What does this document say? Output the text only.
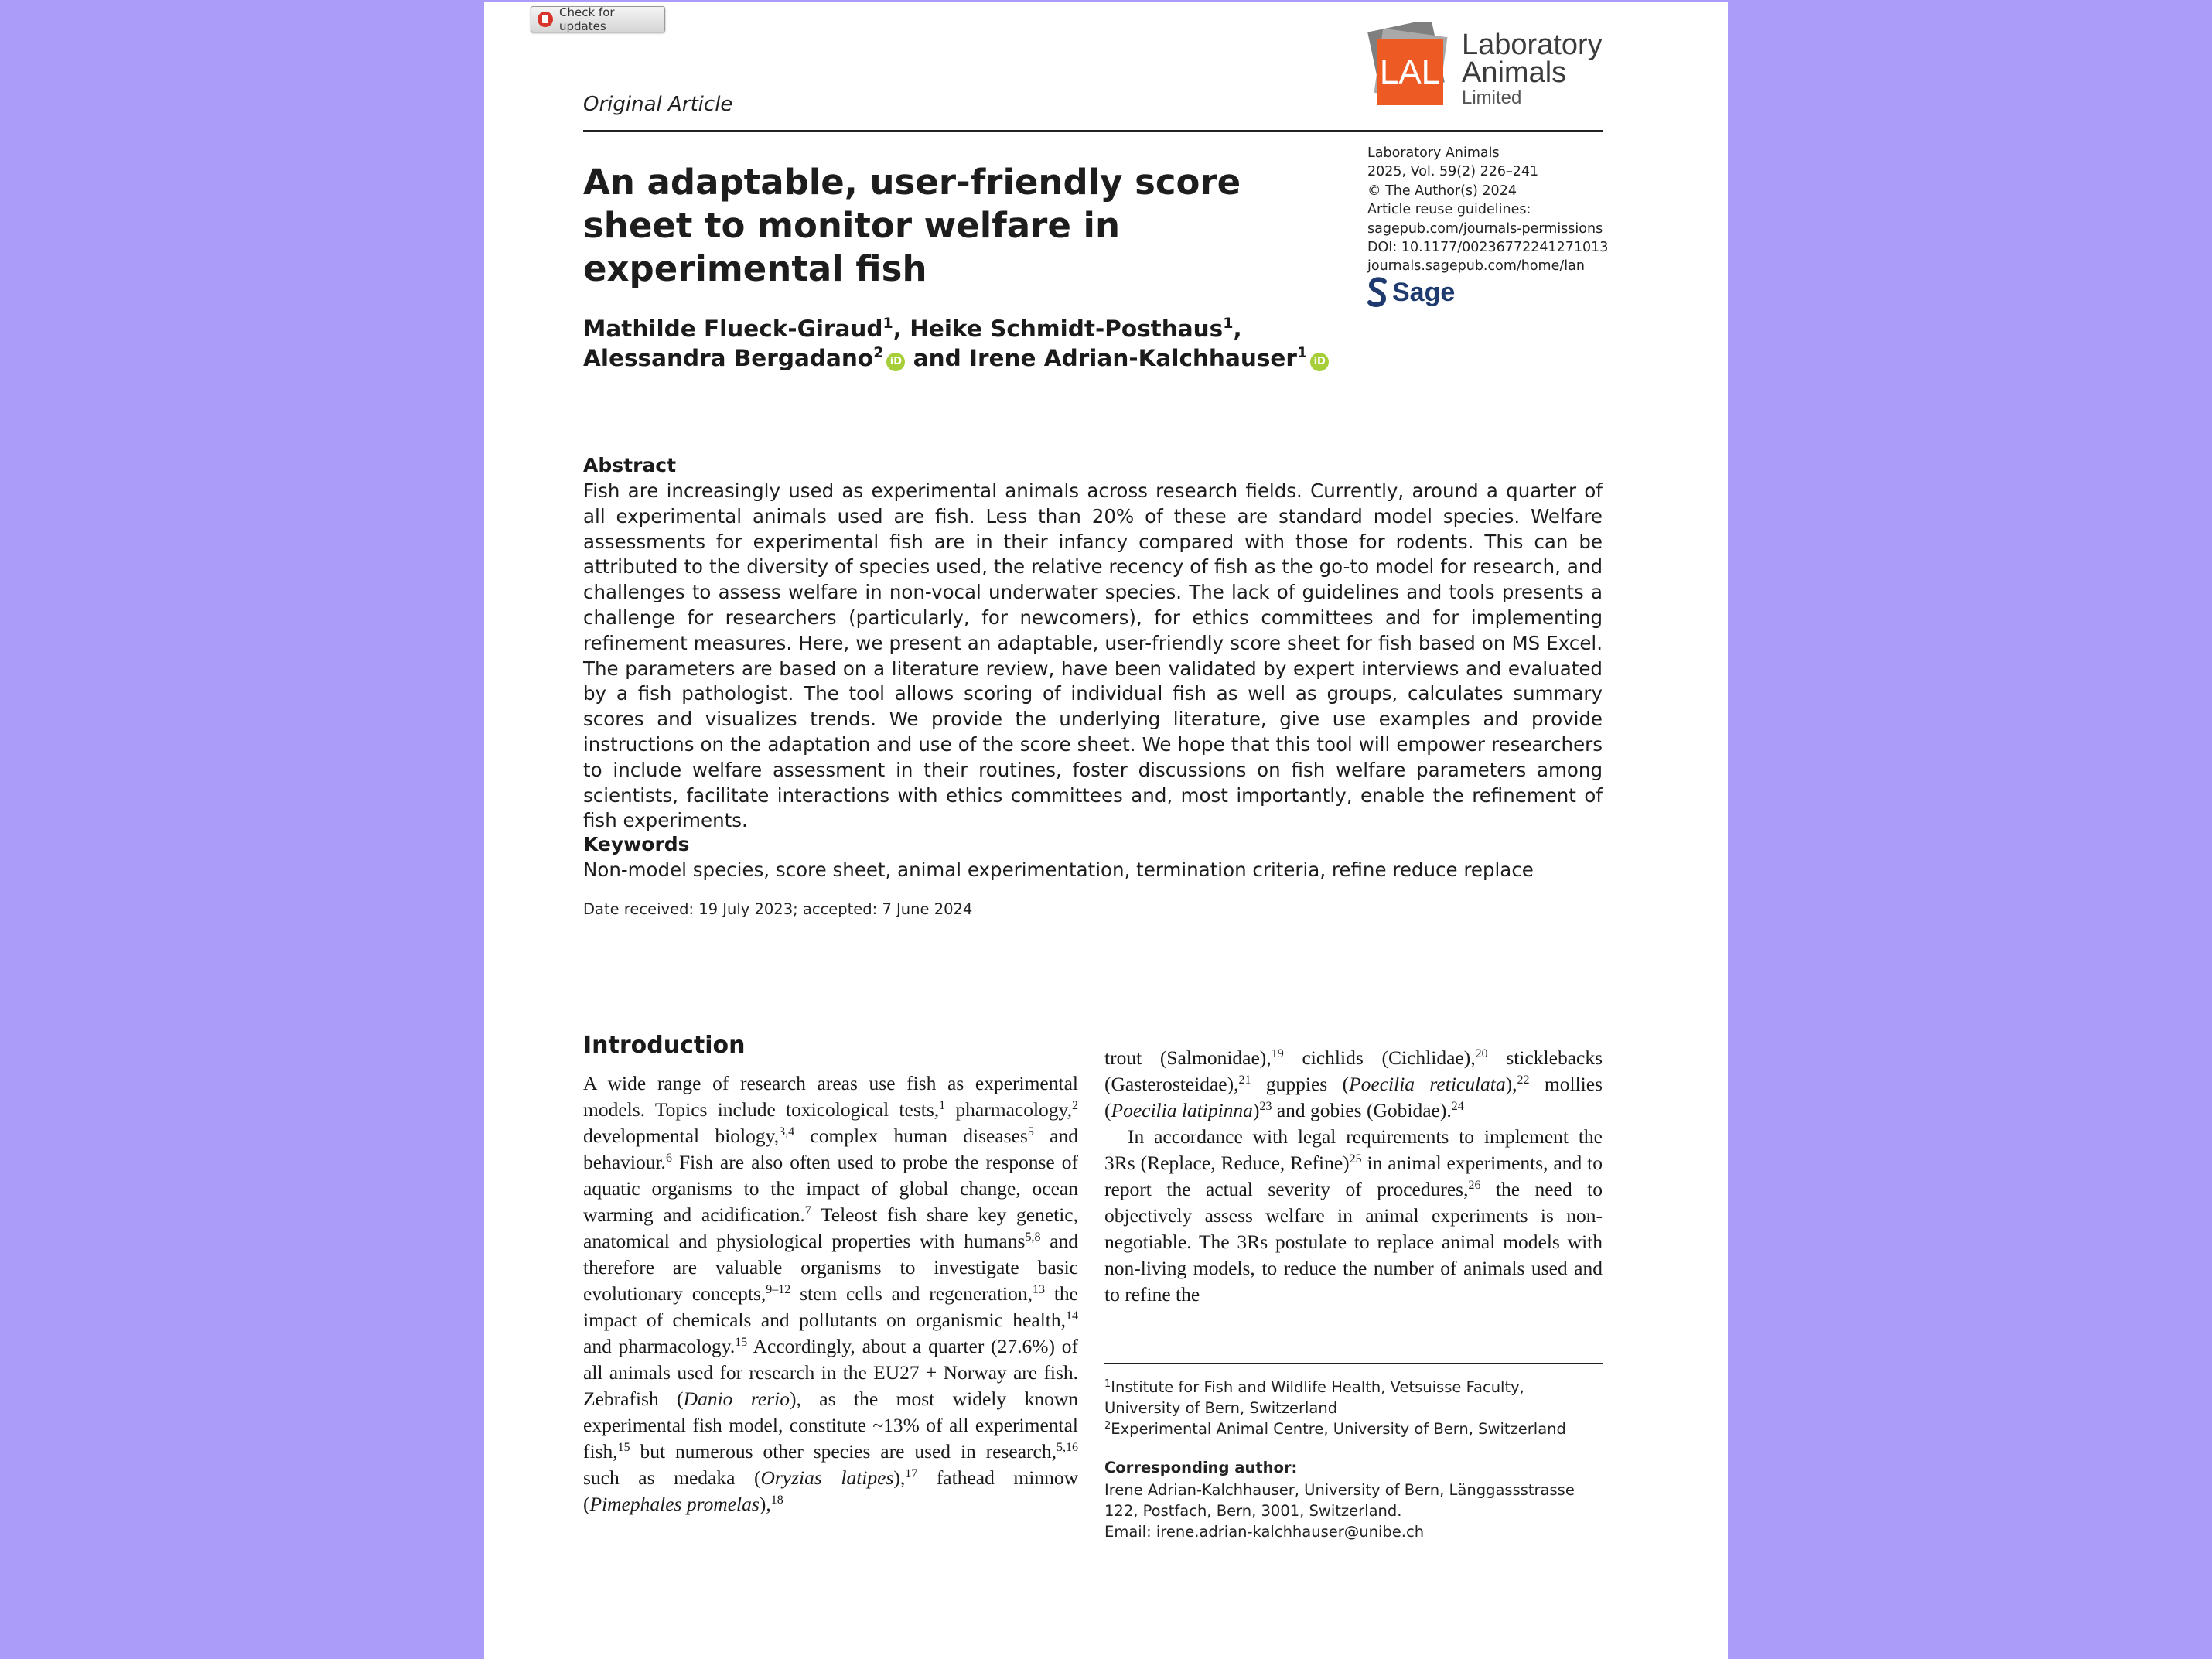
Check for updates
LAL
Laboratory
Animals
Limited
Original Article
An adaptable, user-friendly score sheet to monitor welfare in experimental fish
Laboratory Animals
2025, Vol. 59(2) 226–241
© The Author(s) 2024
Article reuse guidelines:
sagepub.com/journals-permissions
DOI: 10.1177/00236772241271013
journals.sagepub.com/home/lan
Sage
Mathilde Flueck-Giraud$^1$, Heike Schmidt-Posthaus$^1$,
Alessandra Bergadano$^2$iD and Irene Adrian-Kalchhauser$^1$iD
Abstract
Fish are increasingly used as experimental animals across research fields. Currently, around a quarter of all experimental animals used are fish. Less than 20% of these are standard model species. Welfare assessments for experimental fish are in their infancy compared with those for rodents. This can be attributed to the diversity of species used, the relative recency of fish as the go-to model for research, and challenges to assess welfare in non-vocal underwater species. The lack of guidelines and tools presents a challenge for researchers (particularly, for newcomers), for ethics committees and for implementing refinement measures. Here, we present an adaptable, user-friendly score sheet for fish based on MS Excel. The parameters are based on a literature review, have been validated by expert interviews and evaluated by a fish pathologist. The tool allows scoring of individual fish as well as groups, calculates summary scores and visualizes trends. We provide the underlying literature, give use examples and provide instructions on the adaptation and use of the score sheet. We hope that this tool will empower researchers to include welfare assessment in their routines, foster discussions on fish welfare parameters among scientists, facilitate interactions with ethics committees and, most importantly, enable the refinement of fish experiments.
Keywords
Non-model species, score sheet, animal experimentation, termination criteria, refine reduce replace
Date received: 19 July 2023; accepted: 7 June 2024
Introduction
A wide range of research areas use fish as experimental models. Topics include toxicological tests,$^1$ pharmacology,$^2$ developmental biology,$^{3,4}$ complex human diseases$^5$ and behaviour.$^6$ Fish are also often used to probe the response of aquatic organisms to the impact of global change, ocean warming and acidification.$^7$ Teleost fish share key genetic, anatomical and physiological properties with humans$^{5,8}$ and therefore are valuable organisms to investigate basic evolutionary concepts,$^{9-12}$ stem cells and regeneration,$^{13}$ the impact of chemicals and pollutants on organismic health,$^{14}$ and pharmacology.$^{15}$ Accordingly, about a quarter (27.6%) of all animals used for research in the EU27 + Norway are fish. Zebrafish (Danio rerio), as the most widely known experimental fish model, constitute ~13% of all experimental fish,$^{15}$ but numerous other species are used in research,$^{5,16}$ such as medaka (Oryzias latipes),$^{17}$ fathead minnow (Pimephales promelas),$^{18}$
trout (Salmonidae),$^{19}$ cichlids (Cichlidae),$^{20}$ sticklebacks (Gasterosteidae),$^{21}$ guppies (Poecilia reticulata),$^{22}$ mollies (Poecilia latipinna)$^{23}$ and gobies (Gobidae).$^{24}$
In accordance with legal requirements to implement the 3Rs (Replace, Reduce, Refine)$^{25}$ in animal experiments, and to report the actual severity of procedures,$^{26}$ the need to objectively assess welfare in animal experiments is non-negotiable. The 3Rs postulate to replace animal models with non-living models, to reduce the number of animals used and to refine the
$^1$Institute for Fish and Wildlife Health, Vetsuisse Faculty, University of Bern, Switzerland
$^2$Experimental Animal Centre, University of Bern, Switzerland
Corresponding author:
Irene Adrian-Kalchhauser, University of Bern, Länggassstrasse
122, Postfach, Bern, 3001, Switzerland.
Email: irene.adrian-kalchhauser@unibe.ch
